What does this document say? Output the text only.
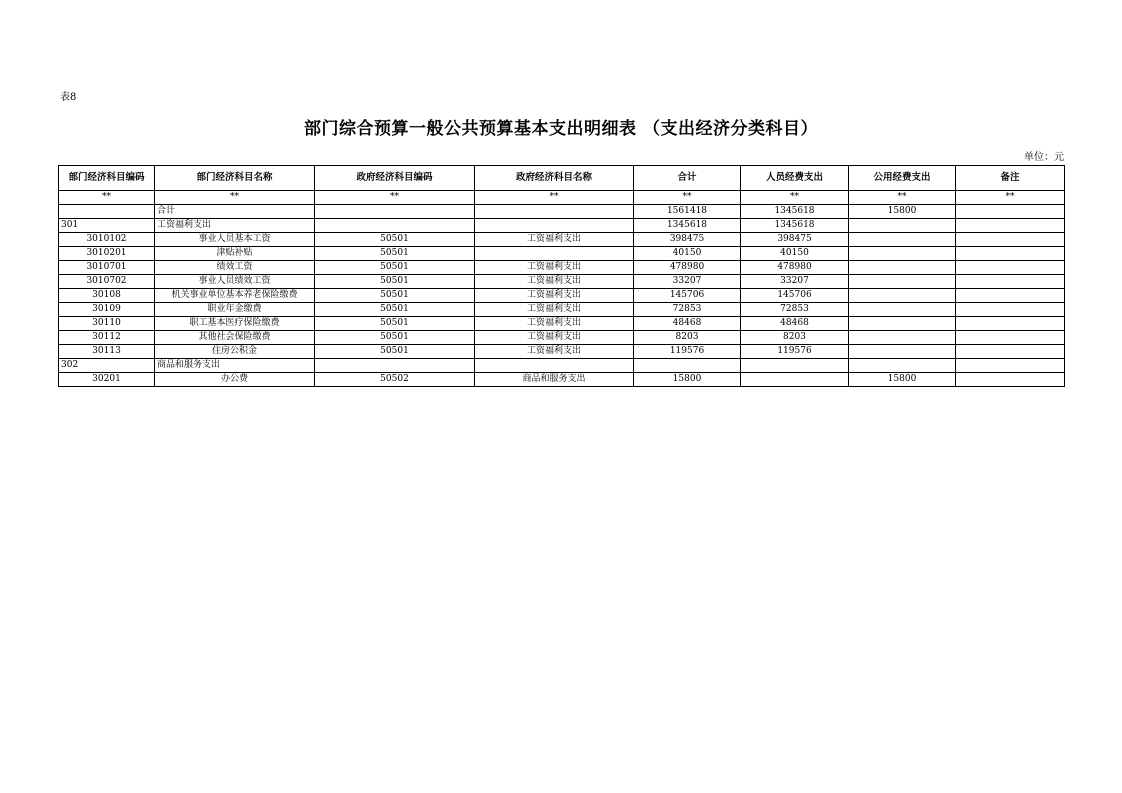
表8
部门综合预算一般公共预算基本支出明细表 （支出经济分类科目）
单位：元
部门经济科目编码	部门经济科目名称	政府经济科目编码	政府经济科目名称	合计	人员经费支出	公用经费支出	备注
**	**	**	**	**	**	**	**
	合计			1561418	1345618	15800	
301	工资福利支出			1345618	1345618		
3010102	事业人员基本工资	50501	工资福利支出	398475	398475		
3010201	津贴补贴	50501		40150	40150		
3010701	绩效工资	50501	工资福利支出	478980	478980		
3010702	事业人员绩效工资	50501	工资福利支出	33207	33207		
30108	机关事业单位基本养老保险缴费	50501	工资福利支出	145706	145706		
30109	职业年金缴费	50501	工资福利支出	72853	72853		
30110	职工基本医疗保险缴费	50501	工资福利支出	48468	48468		
30112	其他社会保险缴费	50501	工资福利支出	8203	8203		
30113	住房公积金	50501	工资福利支出	119576	119576		
302	商品和服务支出						
30201	办公费	50502	商品和服务支出	15800		15800	
